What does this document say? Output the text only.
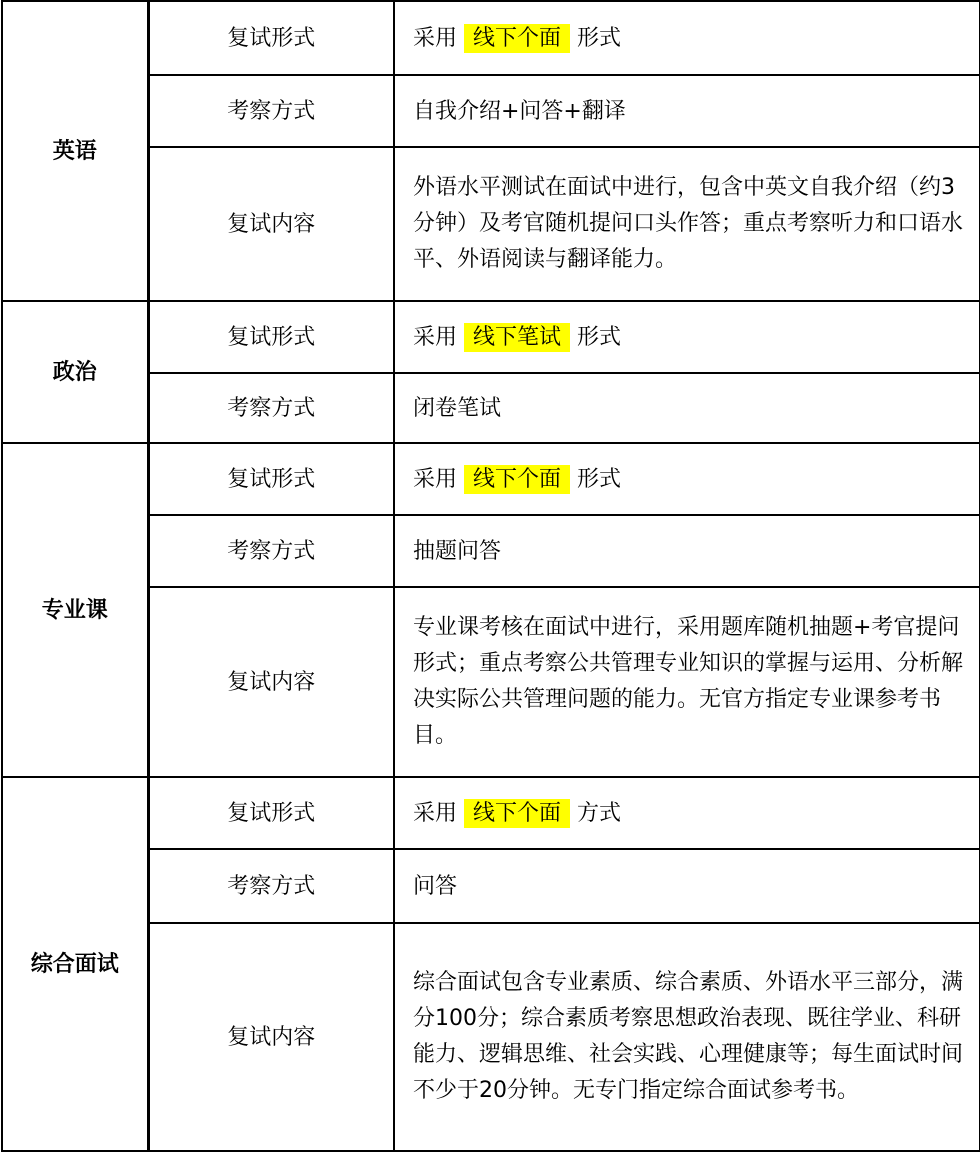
英语	复试形式	采用 线下个面 形式
	考察方式	自我介绍+问答+翻译
	复试内容	外语水平测试在面试中进行，包含中英文自我介绍（约3分钟）及考官随机提问口头作答；重点考察听力和口语水平、外语阅读与翻译能力。

政治	复试形式	采用 线下笔试 形式
	考察方式	闭卷笔试
专业课	复试形式	采用 线下个面 形式
	考察方式	抽题问答
	复试内容	专业课考核在面试中进行，采用题库随机抽题+考官提问形式；重点考察公共管理专业知识的掌握与运用、分析解决实际公共管理问题的能力。无官方指定专业课参考书目。

综合面试	复试形式	采用 线下个面 方式
	考察方式	问答
	复试内容	综合面试包含专业素质、综合素质、外语水平三部分，满分100分；综合素质考察思想政治表现、既往学业、科研能力、逻辑思维、社会实践、心理健康等；每生面试时间不少于20分钟。无专门指定综合面试参考书。
